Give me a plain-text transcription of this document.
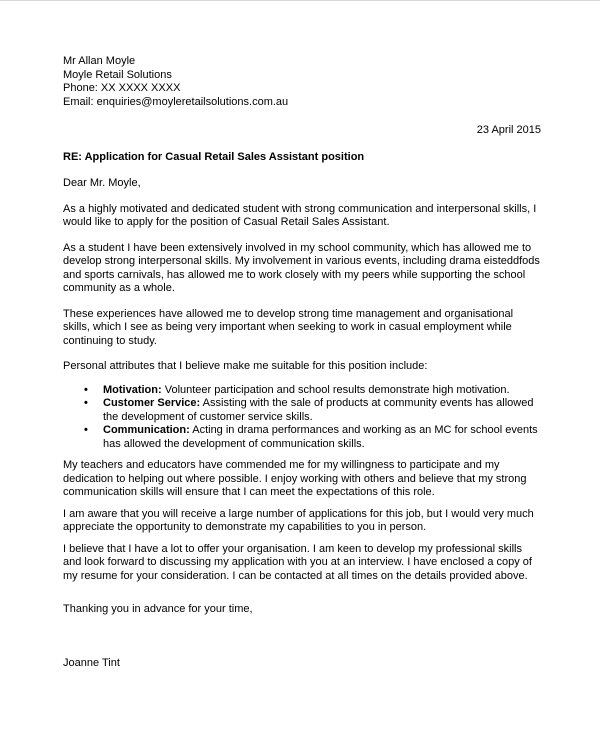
Mr Allan Moyle
Moyle Retail Solutions
Phone: XX XXXX XXXX
Email: enquiries@moyleretailsolutions.com.au
23 April 2015
RE: Application for Casual Retail Sales Assistant position
Dear Mr. Moyle,

As a highly motivated and dedicated student with strong communication and interpersonal skills, I would like to apply for the position of Casual Retail Sales Assistant.

As a student I have been extensively involved in my school community, which has allowed me to develop strong interpersonal skills. My involvement in various events, including drama eisteddfods and sports carnivals, has allowed me to work closely with my peers while supporting the school community as a whole.

These experiences have allowed me to develop strong time management and organisational skills, which I see as being very important when seeking to work in casual employment while continuing to study.

Personal attributes that I believe make me suitable for this position include:

• Motivation: Volunteer participation and school results demonstrate high motivation.
• Customer Service: Assisting with the sale of products at community events has allowed the development of customer service skills.
• Communication: Acting in drama performances and working as an MC for school events has allowed the development of communication skills.

My teachers and educators have commended me for my willingness to participate and my dedication to helping out where possible. I enjoy working with others and believe that my strong communication skills will ensure that I can meet the expectations of this role.

I am aware that you will receive a large number of applications for this job, but I would very much appreciate the opportunity to demonstrate my capabilities to you in person.

I believe that I have a lot to offer your organisation. I am keen to develop my professional skills and look forward to discussing my application with you at an interview. I have enclosed a copy of my resume for your consideration. I can be contacted at all times on the details provided above.

Thanking you in advance for your time,
Joanne Tint
